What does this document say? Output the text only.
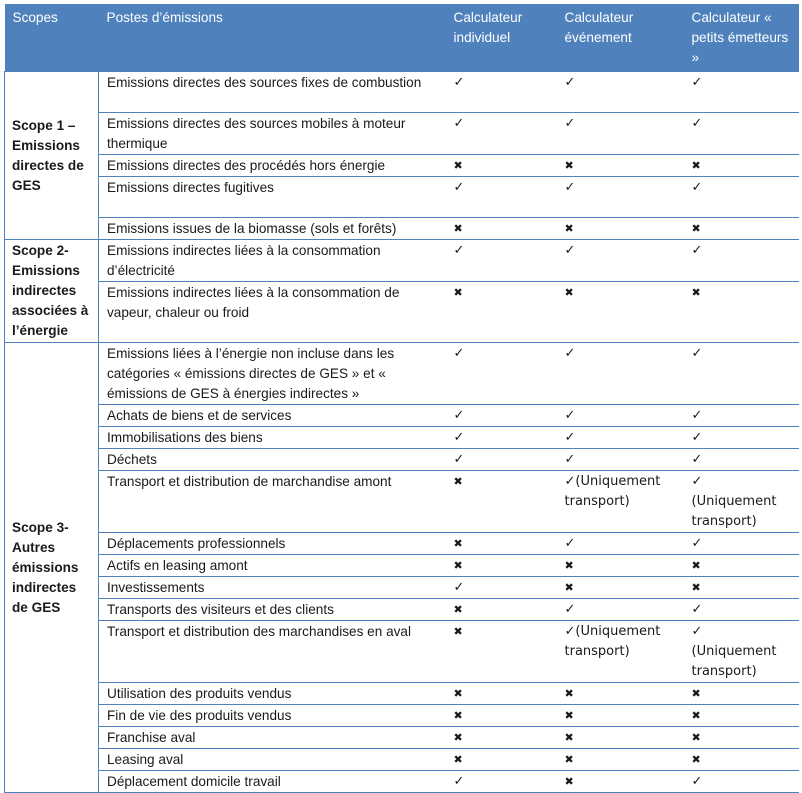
Scopes	Postes d’émissions	Calculateur individuel	Calculateur événement	Calculateur « petits émetteurs »
Scope 1 – Emissions directes de GES	Emissions directes des sources fixes de combustion	✓	✓	✓
	Emissions directes des sources mobiles à moteur thermique	✓	✓	✓
	Emissions directes des procédés hors énergie	✖	✖	✖
	Emissions directes fugitives	✓	✓	✓
	Emissions issues de la biomasse (sols et forêts)	✖	✖	✖
Scope 2- Emissions indirectes associées à l’énergie	Emissions indirectes liées à la consommation d’électricité	✓	✓	✓
	Emissions indirectes liées à la consommation de vapeur, chaleur ou froid	✖	✖	✖
Scope 3- Autres émissions indirectes de GES	Emissions liées à l’énergie non incluse dans les catégories « émissions directes de GES » et « émissions de GES à énergies indirectes »	✓	✓	✓
	Achats de biens et de services	✓	✓	✓
	Immobilisations des biens	✓	✓	✓
	Déchets	✓	✓	✓
	Transport et distribution de marchandise amont	✖	✓(Uniquement transport)	✓ (Uniquement transport)
	Déplacements professionnels	✖	✓	✓
	Actifs en leasing amont	✖	✖	✖
	Investissements	✓	✖	✖
	Transports des visiteurs et des clients	✖	✓	✓
	Transport et distribution des marchandises en aval	✖	✓(Uniquement transport)	✓ (Uniquement transport)
	Utilisation des produits vendus	✖	✖	✖
	Fin de vie des produits vendus	✖	✖	✖
	Franchise aval	✖	✖	✖
	Leasing aval	✖	✖	✖
	Déplacement domicile travail	✓	✖	✓
